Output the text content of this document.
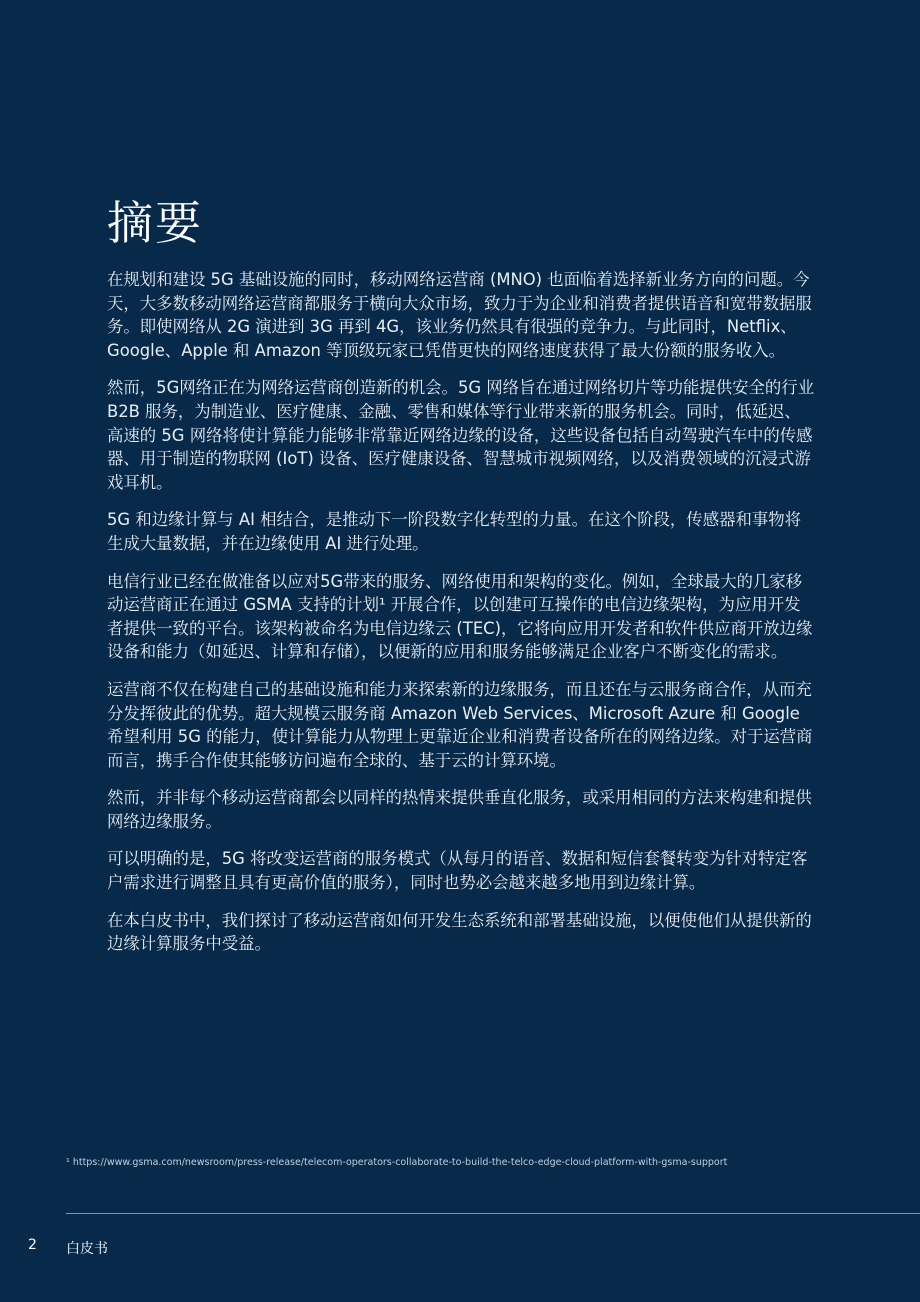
摘要

在规划和建设 5G 基础设施的同时，移动网络运营商 (MNO) 也面临着选择新业务方向的问题。今天，大多数移动网络运营商都服务于横向大众市场，致力于为企业和消费者提供语音和宽带数据服务。即使网络从 2G 演进到 3G 再到 4G，该业务仍然具有很强的竞争力。与此同时，Netflix、Google、Apple 和 Amazon 等顶级玩家已凭借更快的网络速度获得了最大份额的服务收入。

然而，5G网络正在为网络运营商创造新的机会。5G 网络旨在通过网络切片等功能提供安全的行业 B2B 服务，为制造业、医疗健康、金融、零售和媒体等行业带来新的服务机会。同时，低延迟、高速的 5G 网络将使计算能力能够非常靠近网络边缘的设备，这些设备包括自动驾驶汽车中的传感器、用于制造的物联网 (IoT) 设备、医疗健康设备、智慧城市视频网络，以及消费领域的沉浸式游戏耳机。

5G 和边缘计算与 AI 相结合，是推动下一阶段数字化转型的力量。在这个阶段，传感器和事物将生成大量数据，并在边缘使用 AI 进行处理。

电信行业已经在做准备以应对5G带来的服务、网络使用和架构的变化。例如，全球最大的几家移动运营商正在通过 GSMA 支持的计划¹ 开展合作，以创建可互操作的电信边缘架构，为应用开发者提供一致的平台。该架构被命名为电信边缘云 (TEC)，它将向应用开发者和软件供应商开放边缘设备和能力（如延迟、计算和存储），以便新的应用和服务能够满足企业客户不断变化的需求。

运营商不仅在构建自己的基础设施和能力来探索新的边缘服务，而且还在与云服务商合作，从而充分发挥彼此的优势。超大规模云服务商 Amazon Web Services、Microsoft Azure 和 Google 希望利用 5G 的能力，使计算能力从物理上更靠近企业和消费者设备所在的网络边缘。对于运营商而言，携手合作使其能够访问遍布全球的、基于云的计算环境。

然而，并非每个移动运营商都会以同样的热情来提供垂直化服务，或采用相同的方法来构建和提供网络边缘服务。

可以明确的是，5G 将改变运营商的服务模式（从每月的语音、数据和短信套餐转变为针对特定客户需求进行调整且具有更高价值的服务），同时也势必会越来越多地用到边缘计算。

在本白皮书中，我们探讨了移动运营商如何开发生态系统和部署基础设施，以便使他们从提供新的边缘计算服务中受益。

¹ https://www.gsma.com/newsroom/press-release/telecom-operators-collaborate-to-build-the-telco-edge-cloud-platform-with-gsma-support
2 白皮书
